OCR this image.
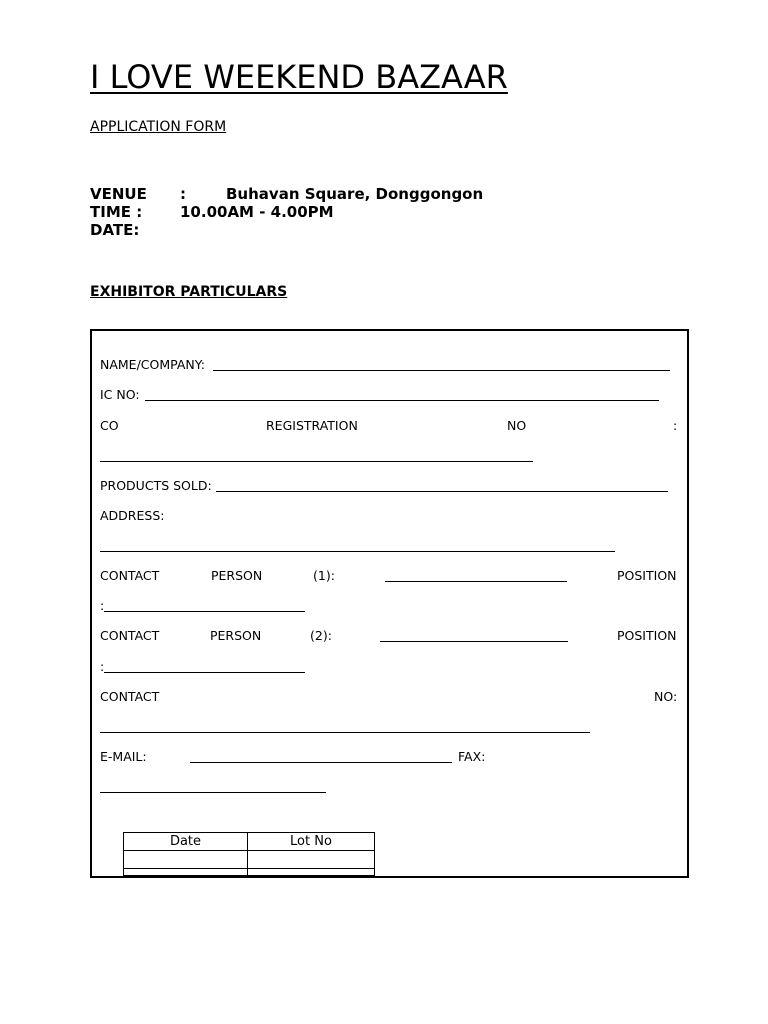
I LOVE WEEKEND BAZAAR
APPLICATION FORM
VENUE :	Buhavan Square, Donggongon
TIME :	10.00AM - 4.00PM
DATE:
EXHIBITOR PARTICULARS
NAME/COMPANY:
IC NO:
CO	REGISTRATION	NO	:
PRODUCTS SOLD:
ADDRESS:
CONTACT	PERSON	(1):	POSITION
:
CONTACT	PERSON	(2):	POSITION
:
CONTACT	NO:
E-MAIL:	FAX:
Date	Lot No
